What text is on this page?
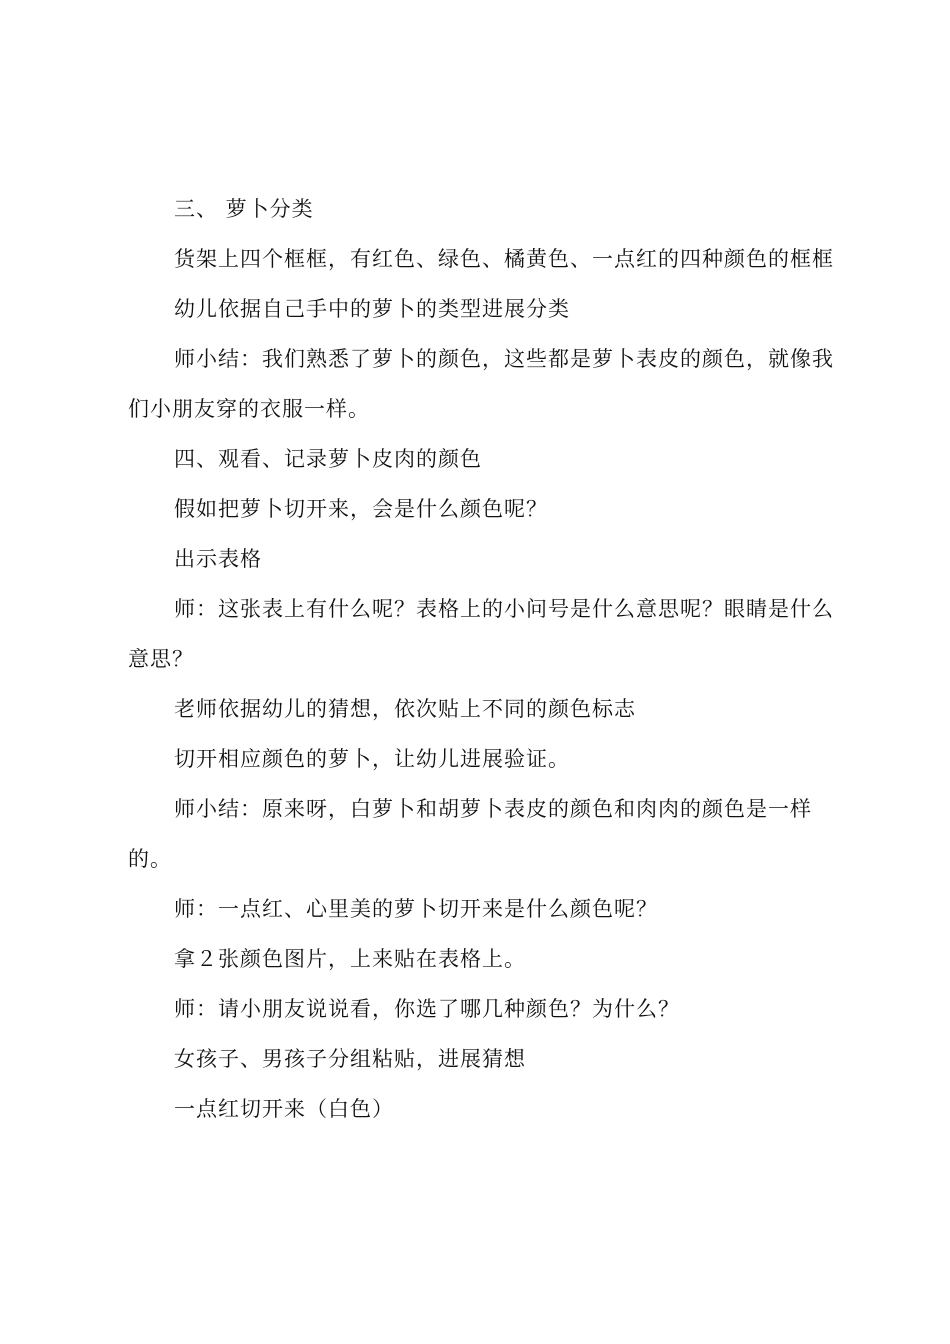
三、 萝卜分类

货架上四个框框，有红色、绿色、橘黄色、一点红的四种颜色的框框

幼儿依据自己手中的萝卜的类型进展分类

师小结：我们熟悉了萝卜的颜色，这些都是萝卜表皮的颜色，就像我们小朋友穿的衣服一样。

四、观看、记录萝卜皮肉的颜色

假如把萝卜切开来，会是什么颜色呢？

出示表格

师：这张表上有什么呢？表格上的小问号是什么意思呢？眼睛是什么意思？

老师依据幼儿的猜想，依次贴上不同的颜色标志

切开相应颜色的萝卜，让幼儿进展验证。

师小结：原来呀，白萝卜和胡萝卜表皮的颜色和肉肉的颜色是一样的。

师：一点红、心里美的萝卜切开来是什么颜色呢？

拿２张颜色图片，上来贴在表格上。

师：请小朋友说说看，你选了哪几种颜色？为什么？

女孩子、男孩子分组粘贴，进展猜想

一点红切开来（白色）
